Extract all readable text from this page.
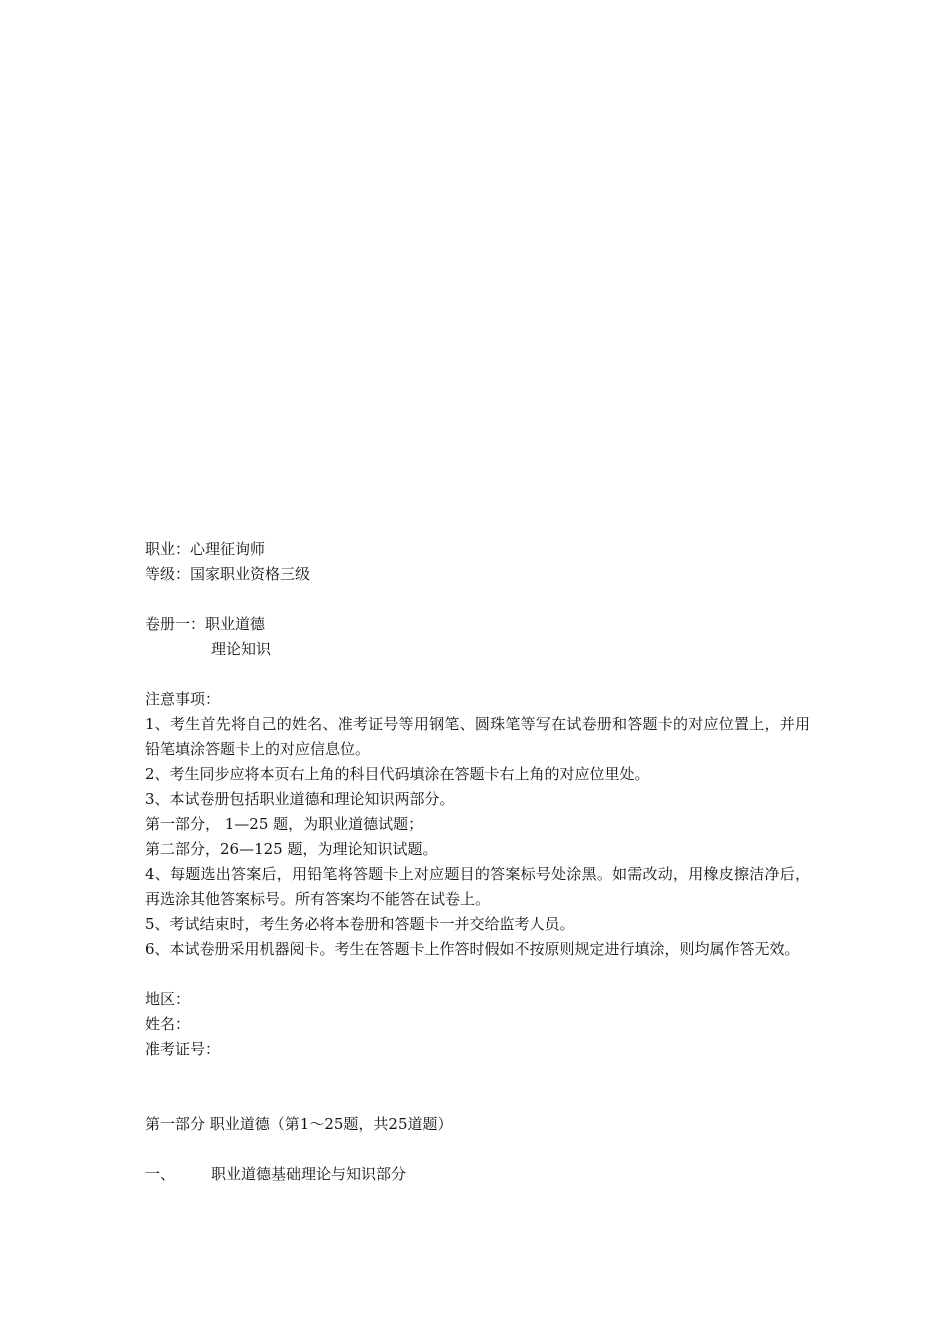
职业：心理征询师
等级：国家职业资格三级
卷册一：职业道德
理论知识
注意事项：
1、考生首先将自己的姓名、准考证号等用钢笔、圆珠笔等写在试卷册和答题卡的对应位置上，并用铅笔填涂答题卡上的对应信息位。
2、考生同步应将本页右上角的科目代码填涂在答题卡右上角的对应位里处。
3、本试卷册包括职业道德和理论知识两部分。
第一部分， 1—25 题，为职业道德试题；
第二部分，26—125 题，为理论知识试题。
4、每题选出答案后，用铅笔将答题卡上对应题目的答案标号处涂黑。如需改动，用橡皮擦洁净后，再选涂其他答案标号。所有答案均不能答在试卷上。
5、考试结束时，考生务必将本卷册和答题卡一并交给监考人员。
6、本试卷册采用机器阅卡。考生在答题卡上作答时假如不按原则规定进行填涂，则均属作答无效。
地区：
姓名：
准考证号：
第一部分 职业道德（第1～25题，共25道题）
一、 职业道德基础理论与知识部分
